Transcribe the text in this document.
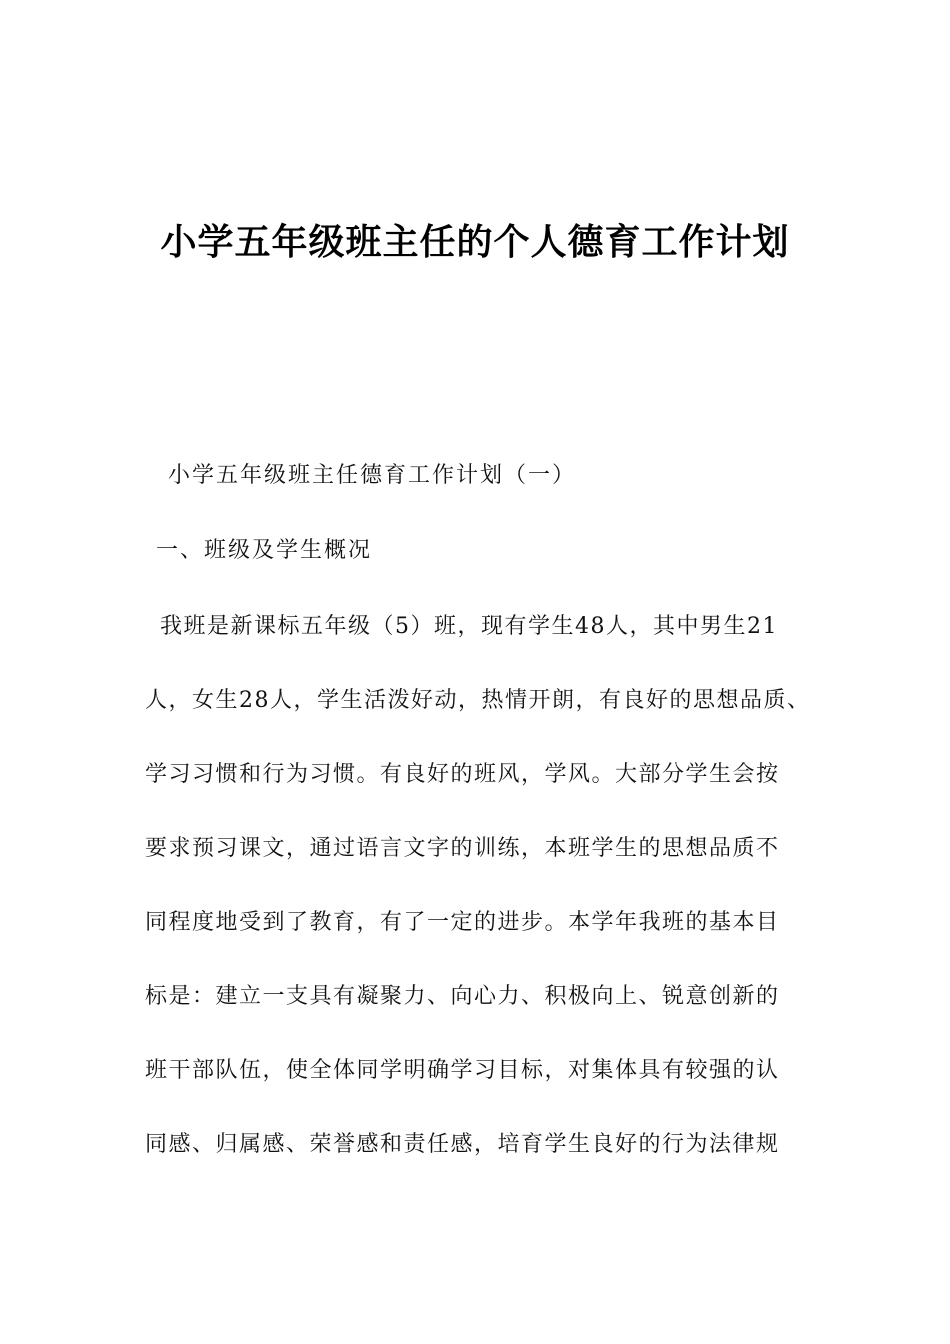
小学五年级班主任的个人德育工作计划
小学五年级班主任德育工作计划（一）
一、班级及学生概况
我班是新课标五年级（5）班，现有学生48人，其中男生21
人，女生28人，学生活泼好动，热情开朗，有良好的思想品质、
学习习惯和行为习惯。有良好的班风，学风。大部分学生会按
要求预习课文，通过语言文字的训练，本班学生的思想品质不
同程度地受到了教育，有了一定的进步。本学年我班的基本目
标是：建立一支具有凝聚力、向心力、积极向上、锐意创新的
班干部队伍，使全体同学明确学习目标，对集体具有较强的认
同感、归属感、荣誉感和责任感，培育学生良好的行为法律规
